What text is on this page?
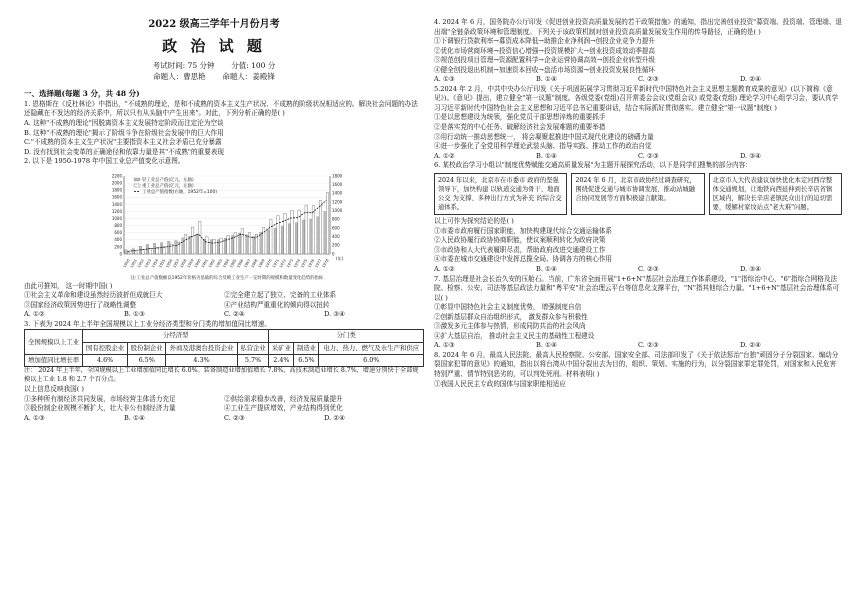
2022 级高三学年十月份月考
政 治 试 题
考试时间: 75 分钟 分值: 100 分
命题人：曹思艳 命题人：姜殿锋
一、选择题(每题 3 分，共 48 分)

1. 恩格斯在《反杜林论》中指出，"不成熟的理论，是和不成熟的资本主义生产状况、不成熟的阶级状况相适应的。解决社会问题的办法还隐藏在不发达的经济关系中，所以只有从头脑中产生出来"。对此，下列分析正确的是( )

A. 这种"不成熟的理论"因脱离资本主义发展特定阶段而注定沦为空谈

B. 这种"不成熟的理论"揭示了阶级斗争在阶级社会发展中的巨大作用

C."不成熟的资本主义生产状况"主要指资本主义社会矛盾已充分暴露

D. 没有找到社会变革的正确途径和依靠力量是其"不成熟"的重要表现

2. 以下是 1950-1978 年中国工业总产值变化示意图。

0
200
400
600
800
1000
1200
1400
1600
1800
2000
2200
0
200
400
600
800
1000
1200
1400
1600
1800
1950 1951 1952 1953 1954 1955 1956 1957 1958 1959 1960 1961 1962 1963 1964 1965 1966 1967 1968 1969 1970 1971 1972 1973 1974 1975 1976 1977 1978
轻工业总产值(亿元，左轴)
重工业总产值(亿元，左轴)
工业总产值指数(右轴，1952年=100)
(年)
注:工业总产值数额以1952年价格为基础的综合反映工业生产一定时期的规模和数量变化趋势的指标

由此可推知， 这一时期中国( )

①社会主义革命和建设虽然经历波折但成就巨大	②完全建立起了独立、完备的工业体系
③国家经济政策因势进行了战略性调整	④产业结构严重重化的倾向得以扭转
A. ①②	B. ①③	C. ②④	D. ③④

3. 下表为 2024 年上半年全国规模以上工业分经济类型和分门类的增加值同比增速。

全国规模以上工业	分经济型				分门类		
	国有控股企业	股份制企业	外商及港澳台投资企业	私营企业	采矿业	制造业	电力、热力、燃气及水生产和供应
增加值同比增长率	4.6%	6.5%	4.3%	5.7%	2.4%	6.5%	6.0%

注： 2024 年上半年，全国规模以上工业增加值同比增长 6.0%。装备制造业增加值增长 7.8%，高技术制造业增长 8.7%，增速分别快于全部规模以上工业 1.8 和 2.7 个百分点。

以上信息反映我国( )

①多种所有制经济共同发展，市场经营主体活力充足	②供给需求稳步改善，经济发展质量提升
③股份制企业规模不断扩大，壮大非公有制经济力量	④工业生产提质增效，产业结构得到优化
A. ①③	B. ①④	C. ②③	D. ②④

4. 2024 年 6 月，国务院办公厅印发《促进创业投资高质量发展的若干政策措施》的通知，指出完善创业投资"募资端、投资端、管理端、退出端"全链条政策环境和管理制度。下列关于该政策机制对创业投资高质量发展发生作用的传导路径，正确的是( )

①下调银行贷款利率→募资成本降低→助推企业净利润→创投企业竞争力提升

②优化市场营商环境→投资信心增强→投资规模扩大→创业投资成效动季提高

③规范创投项目管理→资源配置科学→企业运营协调高效→创投企业转型升级

④健全创投退出机制→加速资本回收→盘活市场资源→创业投资发展良性循环

A. ①③	B. ①④	C. ②③	D. ②④

5.2024 年 2 月，中共中央办公厅印发《关于巩固拓展学习贯彻习近平新时代中国特色社会主义思想主题教育成果的意见》(以下简称《意见》)。《意见》提出，建立健全"第一议题"制度。各级党委(党组)召开常委会会议(党组会议) 或党委(党组) 理论学习中心组学习会，要认真学习习近平新时代中国特色社会主义思想和习近平总书记重要讲话，结合实际抓好贯彻落实。建立健全"第一议题"制度( )

①是以思想建设为统领，强化党员干部思想淬炼的重要抓手

②是落实党的中心任务、破解经济社会发展难题的重要举措

③用行动统一推动思想统一， 将会凝聚起推进中国式现代化建设的磅礴力量

④进一步强化了全党用科学理论武装头脑、指导实践、推动工作的政治自觉

A. ①②	B. ①④	C. ②③	D. ③④

6. 某校政治学习小组以"制度优势赋能交通高质量发展"为主题开展探究活动，以下是同学们搜集的部分内容：

2024 年以来，北京市在市委市 政府的坚强领导下，加快构建 以轨道交通为骨干、地面公交 为支撑、多种出行方式为补充 的综合交通体系。
2024 年 6 月，北京市政协经过调查研究，围绕促进交通与城市协调发展、推动站城融合协同发展等方面积极建言献策。
北京市人大代表建议加快优化本定河西岸整体交通规划，让地铁向西延伸到长辛店省镇区域内，解决长辛店老镇民众出行的迫切需要，缓解村家坟站点"老大难"问题。

以上可作为探究结论的是( )

①市委市政府履行国家职能，加快构建现代综合交通运输体系

②人民政协履行政协协商职能，使议案顺利转化为政府决策

③市政协和人大代表履职尽责，帮助政府改进交通建设工作

④市委在城市交通建设中发挥总揽全局、协调各方的核心作用

A. ①②	B. ①④	C. ②③	D. ③④

7. 基层治理是社会长治久安的压舱石。当前，广东省全面开展"1+6+N"基层社会治理工作体系建设，"1"指综治中心，"6"指综合网格及法院、检察、公安、司法等基层政法力量和"粤平安"社会治理云平台等信息化支撑平台，"N"指其他综合力量。"1+6+N"基层社会治理体系可以( )

①彰显中国特色社会主义制度优势， 增强制度自信

②创新基层群众自治组织形式， 激发群众参与积极性

③激发多元主体参与热情，形成同防共治的社会风尚

④扩大基层自治， 推动社会主义民主的基础性工程建设

A. ①③	B. ①④	C. ②③	D. ②④

8. 2024 年 6 月，最高人民法院、最高人民检察院、公安部、国家安全部、司法部印发了《关于依法惩治"台独"顽固分子分裂国家、煽动分裂国家犯罪的意见》的通知，指出以将台湾从中国分裂出去为目的，组织、策划、实施的行为，以分裂国家罪定罪处罚，对国家和人民危害特别严重、情节特别恶劣的，可以判处死刑。材料表明( )

①我国人民民主专政的国体与国家职能相适应
